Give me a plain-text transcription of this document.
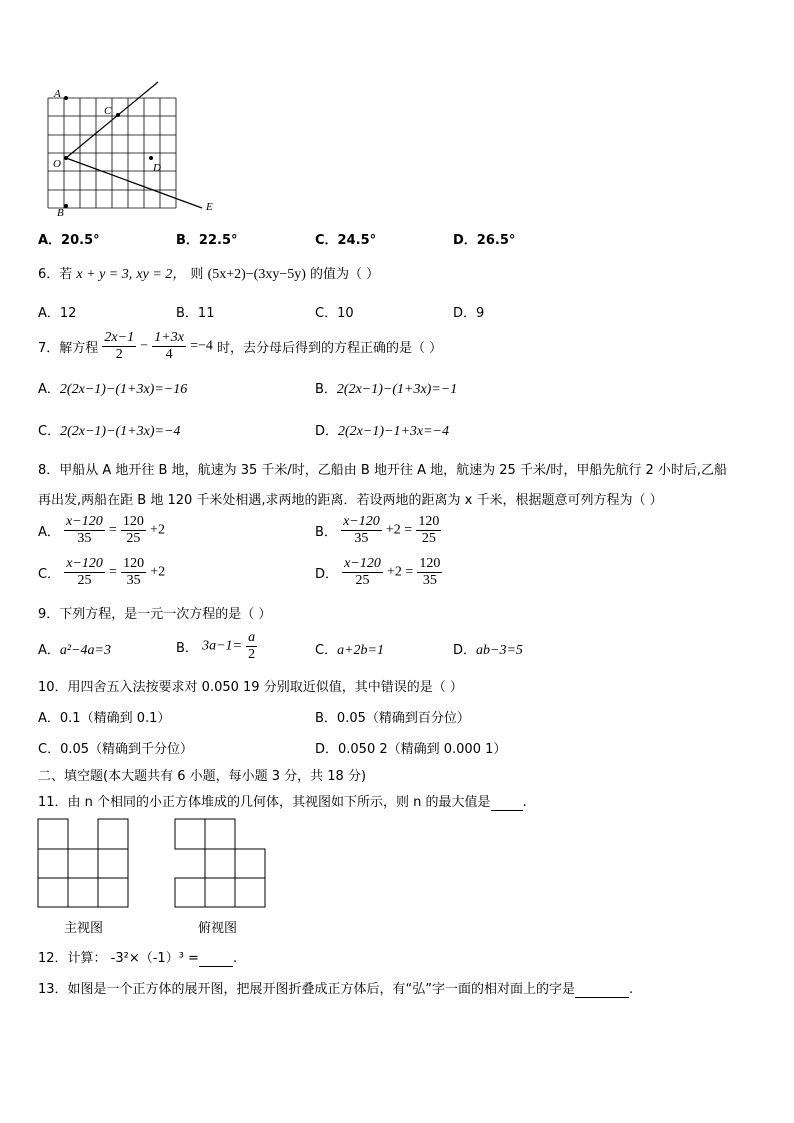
A
C
O	D
B	E
A．20.5°	B．22.5°	C．24.5°	D．26.5°
6．若 x + y = 3, xy = 2， 则 (5x+2)−(3xy−5y) 的值为（ ）
A．12	B．11	C．10	D．9
7．解方程 $\frac{2x-1}{2} - \frac{1+3x}{4} =-4$ 时，去分母后得到的方程正确的是（ ）
A．2(2x−1)−(1+3x)=−16	B．2(2x−1)−(1+3x)=−1
C．2(2x−1)−(1+3x)=−4	D．2(2x−1)−1+3x=−4
8．甲船从 A 地开往 B 地，航速为 35 千米/时，乙船由 B 地开往 A 地，航速为 25 千米/时，甲船先航行 2 小时后,乙船
再出发,两船在距 B 地 120 千米处相遇,求两地的距离．若设两地的距离为 x 千米，根据题意可列方程为（ ）
A． $\frac{x-120}{35} = \frac{120}{25} +2$	B． $\frac{x-120}{35} +2 = \frac{120}{25}$
C． $\frac{x-120}{25} = \frac{120}{35} +2$	D． $\frac{x-120}{25} +2 = \frac{120}{35}$
9．下列方程，是一元一次方程的是（ ）
A．a²−4a=3	B． $3a-1= \frac{a}{2}$	C．a+2b=1	D．ab−3=5
10．用四舍五入法按要求对 0.050 19 分别取近似值，其中错误的是（ ）
A．0.1（精确到 0.1）	B．0.05（精确到百分位）
C．0.05（精确到千分位）	D．0.050 2（精确到 0.000 1）
二、填空题(本大题共有 6 小题，每小题 3 分，共 18 分)
11．由 n 个相同的小正方体堆成的几何体，其视图如下所示，则 n 的最大值是 .
主视图	俯视图
12．计算： -3²×（-1）³ =	.
13．如图是一个正方体的展开图，把展开图折叠成正方体后，有“弘”字一面的相对面上的字是	.
